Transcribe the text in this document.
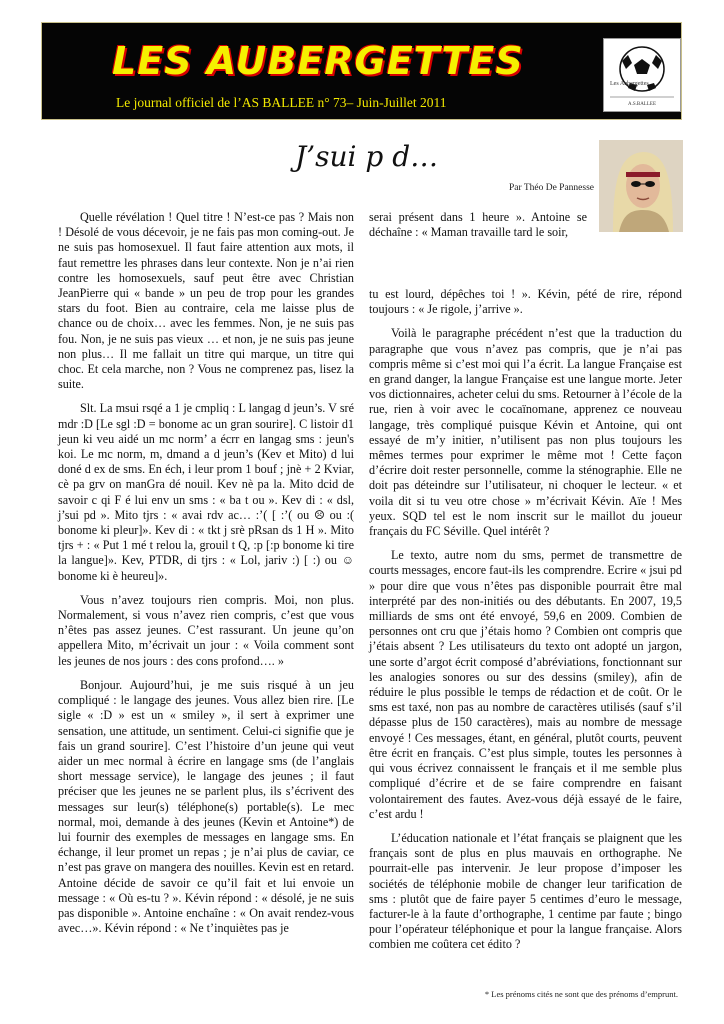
LES AUBERGETTES
Le journal officiel de l’AS BALLEE n° 73– Juin-Juillet 2011
Les Aubergettes
A.S.BALLEE
J’sui p d…
Par Théo De Pannesse

Quelle révélation ! Quel titre ! N’est-ce pas ? Mais non ! Désolé de vous décevoir, je ne fais pas mon coming-out. Je ne suis pas homosexuel. Il faut faire attention aux mots, il faut remettre les phrases dans leur contexte. Non je n’ai rien contre les homosexuels, sauf peut être avec Christian JeanPierre qui « bande » un peu de trop pour les grandes stars du foot. Bien au contraire, cela me laisse plus de chance ou de choix… avec les femmes. Non, je ne suis pas fou. Non, je ne suis pas vieux … et non, je ne suis pas jeune non plus… Il me fallait un titre qui marque, un titre qui choc. Et cela marche, non ? Vous ne comprenez pas, lisez la suite.

Slt. La msui rsqé a 1 je cmpliq : L langag d jeun’s. V sré mdr :D [Le sgl :D = bonome ac un gran sourire]. C listoir d1 jeun ki veu aidé un mc norm’ a écrr en langag sms : jeun's koi. Le mc norm, m, dmand a d jeun’s (Kev et Mito) d lui doné d ex de sms. En éch, i leur prom 1 bouf ; jnè + 2 Kviar, cè pa grv on manGra dé nouil. Kev nè pa la. Mito dcid de savoir c qi F é lui env un sms : « ba t ou ». Kev di : « dsl, j’sui pd ». Mito tjrs : « avai rdv ac… :’( [ :’( ou ☹ ou :( bonome ki pleur]». Kev di : « tkt j srè pRsan ds 1 H ». Mito tjrs + : « Put 1 mé t relou la, grouil t Q, :p [:p bonome ki tire la langue]». Kev, PTDR, di tjrs : « Lol, jariv :) [ :) ou ☺ bonome ki è heureu]».

Vous n’avez toujours rien compris. Moi, non plus. Normalement, si vous n’avez rien compris, c’est que vous n’êtes pas assez jeunes. C’est rassurant. Un jeune qu’on appellera Mito, m’écrivait un jour : « Voila comment sont les jeunes de nos jours : des cons profond…. »

Bonjour. Aujourd’hui, je me suis risqué à un jeu compliqué : le langage des jeunes. Vous allez bien rire. [Le sigle « :D » est un « smiley », il sert à exprimer une sensation, une attitude, un sentiment. Celui-ci signifie que je fais un grand sourire]. C’est l’histoire d’un jeune qui veut aider un mec normal à écrire en langage sms (de l’anglais short message service), le langage des jeunes ; il faut préciser que les jeunes ne se parlent plus, ils s’écrivent des messages sur leur(s) téléphone(s) portable(s). Le mec normal, moi, demande à des jeunes (Kevin et Antoine*) de lui fournir des exemples de messages en langage sms. En échange, il leur promet un repas ; je n’ai plus de caviar, ce n’est pas grave on mangera des nouilles. Kevin est en retard. Antoine décide de savoir ce qu’il fait et lui envoie un message : « Où es-tu ? ». Kévin répond : « désolé, je ne suis pas disponible ». Antoine enchaîne : « On avait rendez-vous avec…». Kévin répond : « Ne t’inquiètes pas je

serai présent dans 1 heure ». Antoine se déchaîne : « Maman travaille tard le soir,

tu est lourd, dépêches toi ! ». Kévin, pété de rire, répond toujours : « Je rigole, j’arrive ».

Voilà le paragraphe précédent n’est que la traduction du paragraphe que vous n’avez pas compris, que je n’ai pas compris même si c’est moi qui l’a écrit. La langue Française est en grand danger, la langue Française est une langue morte. Jeter vos dictionnaires, acheter celui du sms. Retourner à l’école de la rue, rien à voir avec le cocaïnomane, apprenez ce nouveau langage, très compliqué puisque Kévin et Antoine, qui ont essayé de m’y initier, n’utilisent pas non plus toujours les mêmes termes pour exprimer le même mot ! Cette façon d’écrire doit rester personnelle, comme la sténographie. Elle ne doit pas déteindre sur l’utilisateur, ni choquer le lecteur. « et voila dit si tu veu otre chose » m’écrivait Kévin. Aïe ! Mes yeux. SQD tel est le nom inscrit sur le maillot du joueur français du FC Séville. Quel intérêt ?

Le texto, autre nom du sms, permet de transmettre de courts messages, encore faut-ils les comprendre. Ecrire « jsui pd » pour dire que vous n’êtes pas disponible pourrait être mal interprété par des non-initiés ou des débutants. En 2007, 19,5 milliards de sms ont été envoyé, 59,6 en 2009. Combien de personnes ont cru que j’étais homo ? Combien ont compris que j’étais absent ? Les utilisateurs du texto ont adopté un jargon, une sorte d’argot écrit composé d’abréviations, fonctionnant sur les analogies sonores ou sur des dessins (smiley), afin de réduire le plus possible le temps de rédaction et de coût. Or le sms est taxé, non pas au nombre de caractères utilisés (sauf s’il dépasse plus de 150 caractères), mais au nombre de message envoyé ! Ces messages, étant, en général, plutôt courts, peuvent être écrit en français. C’est plus simple, toutes les personnes à qui vous écrivez connaissent le français et il me semble plus compliqué d’écrire et de se faire comprendre en faisant volontairement des fautes. Avez-vous déjà essayé de le faire, c’est ardu !

L’éducation nationale et l’état français se plaignent que les français sont de plus en plus mauvais en orthographe. Ne pourrait-elle pas intervenir. Je leur propose d’imposer les sociétés de téléphonie mobile de changer leur tarification de sms : plutôt que de faire payer 5 centimes d’euro le message, facturer-le à la faute d’orthographe, 1 centime par faute ; bingo pour l’opérateur téléphonique et pour la langue française. Alors combien me coûtera cet édito ?

* Les prénoms cités ne sont que des prénoms d’emprunt.
